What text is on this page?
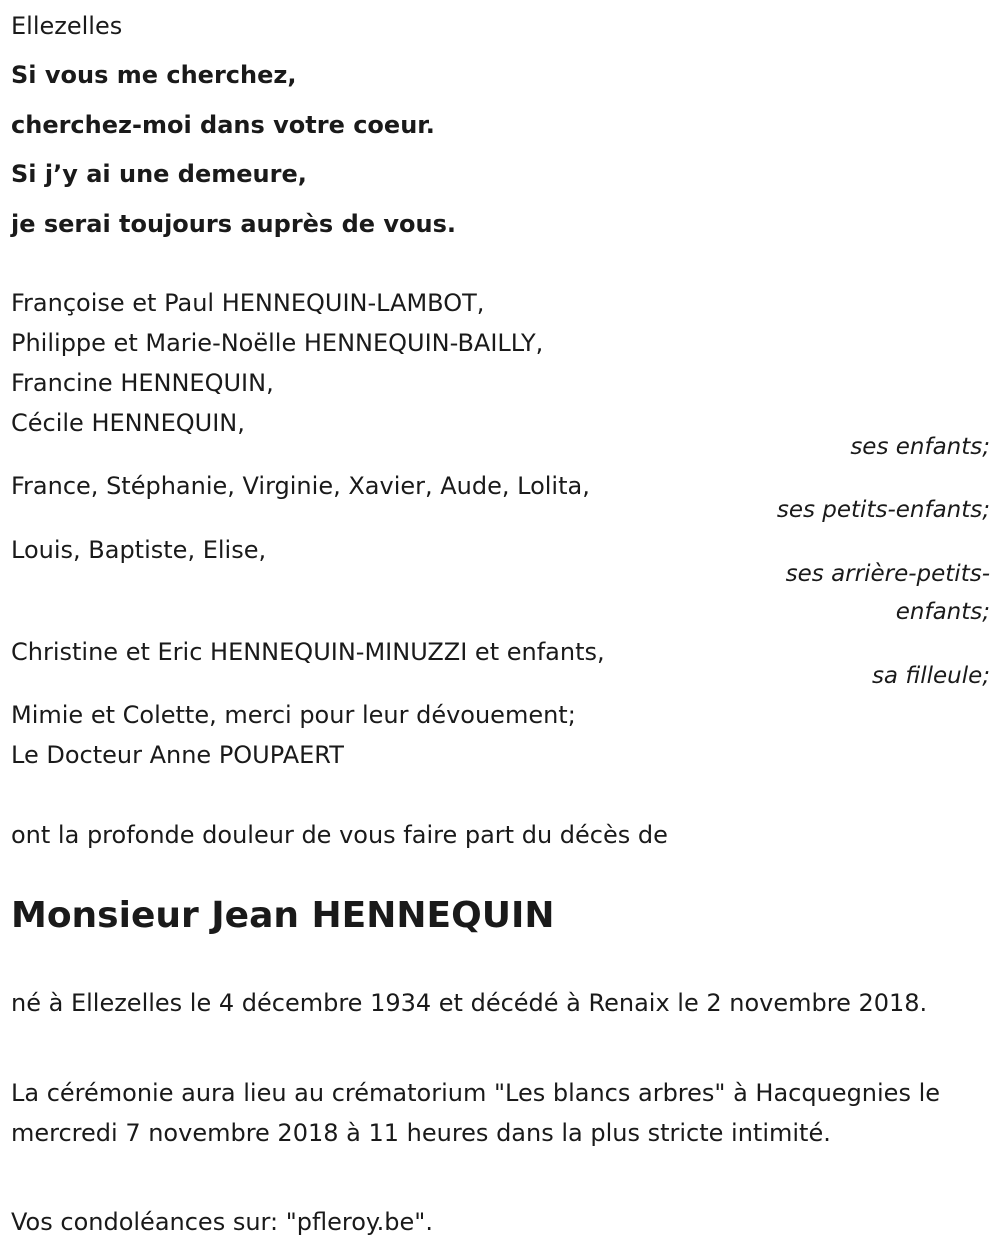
Ellezelles

Si vous me cherchez,

cherchez-moi dans votre coeur.

Si j’y ai une demeure,

je serai toujours auprès de vous.

Françoise et Paul HENNEQUIN-LAMBOT,

Philippe et Marie-Noëlle HENNEQUIN-BAILLY,

Francine HENNEQUIN,

Cécile HENNEQUIN,

ses enfants;

France, Stéphanie, Virginie, Xavier, Aude, Lolita,

ses petits-enfants;

Louis, Baptiste, Elise,

ses arrière-petits-

enfants;

Christine et Eric HENNEQUIN-MINUZZI et enfants,

sa filleule;

Mimie et Colette, merci pour leur dévouement;

Le Docteur Anne POUPAERT

ont la profonde douleur de vous faire part du décès de

Monsieur Jean HENNEQUIN

né à Ellezelles le 4 décembre 1934 et décédé à Renaix le 2 novembre 2018.

La cérémonie aura lieu au crématorium "Les blancs arbres" à Hacquegnies le mercredi 7 novembre 2018 à 11 heures dans la plus stricte intimité.

Vos condoléances sur: "pfleroy.be".
